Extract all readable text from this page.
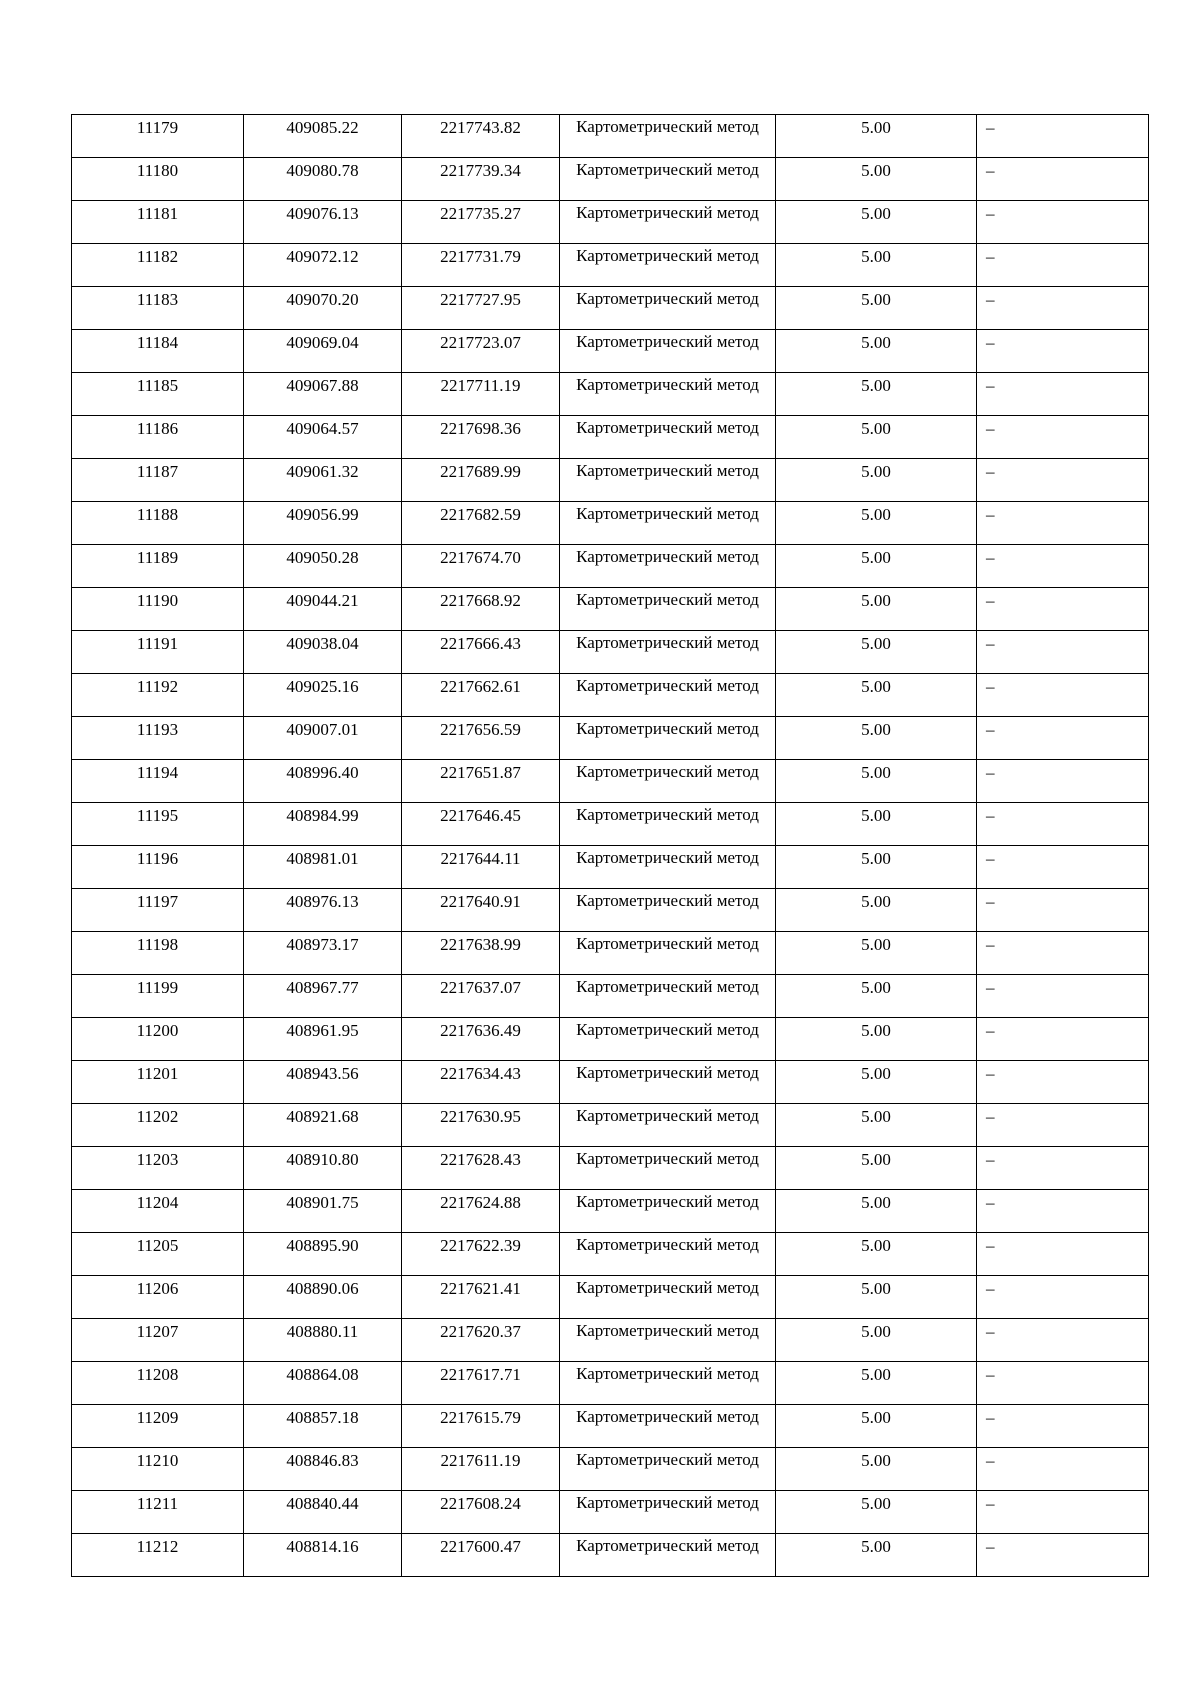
11179	409085.22	2217743.82	Картометрический метод	5.00	–
11180	409080.78	2217739.34	Картометрический метод	5.00	–
11181	409076.13	2217735.27	Картометрический метод	5.00	–
11182	409072.12	2217731.79	Картометрический метод	5.00	–
11183	409070.20	2217727.95	Картометрический метод	5.00	–
11184	409069.04	2217723.07	Картометрический метод	5.00	–
11185	409067.88	2217711.19	Картометрический метод	5.00	–
11186	409064.57	2217698.36	Картометрический метод	5.00	–
11187	409061.32	2217689.99	Картометрический метод	5.00	–
11188	409056.99	2217682.59	Картометрический метод	5.00	–
11189	409050.28	2217674.70	Картометрический метод	5.00	–
11190	409044.21	2217668.92	Картометрический метод	5.00	–
11191	409038.04	2217666.43	Картометрический метод	5.00	–
11192	409025.16	2217662.61	Картометрический метод	5.00	–
11193	409007.01	2217656.59	Картометрический метод	5.00	–
11194	408996.40	2217651.87	Картометрический метод	5.00	–
11195	408984.99	2217646.45	Картометрический метод	5.00	–
11196	408981.01	2217644.11	Картометрический метод	5.00	–
11197	408976.13	2217640.91	Картометрический метод	5.00	–
11198	408973.17	2217638.99	Картометрический метод	5.00	–
11199	408967.77	2217637.07	Картометрический метод	5.00	–
11200	408961.95	2217636.49	Картометрический метод	5.00	–
11201	408943.56	2217634.43	Картометрический метод	5.00	–
11202	408921.68	2217630.95	Картометрический метод	5.00	–
11203	408910.80	2217628.43	Картометрический метод	5.00	–
11204	408901.75	2217624.88	Картометрический метод	5.00	–
11205	408895.90	2217622.39	Картометрический метод	5.00	–
11206	408890.06	2217621.41	Картометрический метод	5.00	–
11207	408880.11	2217620.37	Картометрический метод	5.00	–
11208	408864.08	2217617.71	Картометрический метод	5.00	–
11209	408857.18	2217615.79	Картометрический метод	5.00	–
11210	408846.83	2217611.19	Картометрический метод	5.00	–
11211	408840.44	2217608.24	Картометрический метод	5.00	–
11212	408814.16	2217600.47	Картометрический метод	5.00	–
